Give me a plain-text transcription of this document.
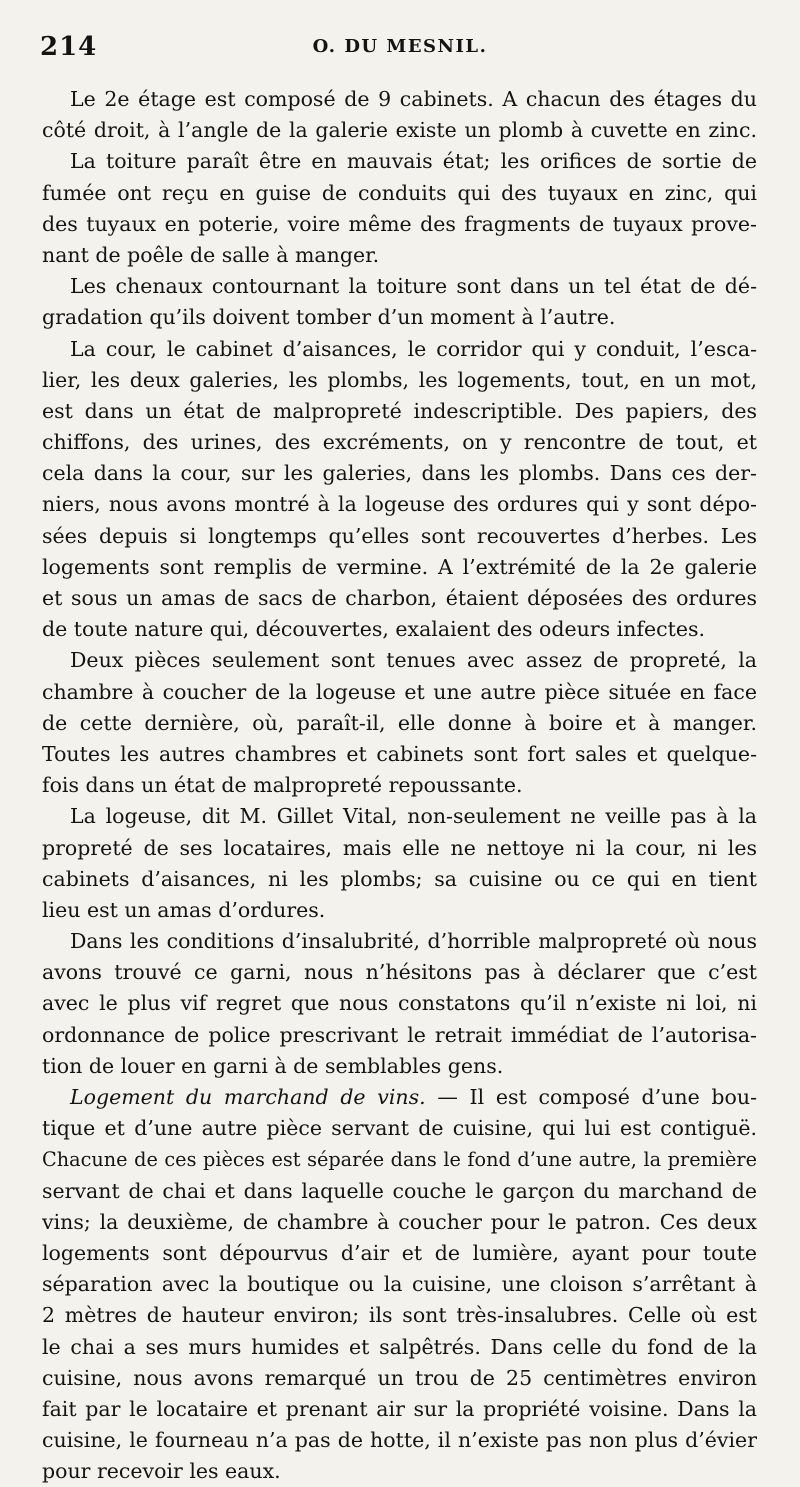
214	O. DU MESNIL.
Le 2e étage est composé de 9 cabinets. A chacun des étages du
côté droit, à l’angle de la galerie existe un plomb à cuvette en zinc.
La toiture paraît être en mauvais état; les orifices de sortie de
fumée ont reçu en guise de conduits qui des tuyaux en zinc, qui
des tuyaux en poterie, voire même des fragments de tuyaux prove-
nant de poêle de salle à manger.
Les chenaux contournant la toiture sont dans un tel état de dé-
gradation qu’ils doivent tomber d’un moment à l’autre.
La cour, le cabinet d’aisances, le corridor qui y conduit, l’esca-
lier, les deux galeries, les plombs, les logements, tout, en un mot,
est dans un état de malpropreté indescriptible. Des papiers, des
chiffons, des urines, des excréments, on y rencontre de tout, et
cela dans la cour, sur les galeries, dans les plombs. Dans ces der-
niers, nous avons montré à la logeuse des ordures qui y sont dépo-
sées depuis si longtemps qu’elles sont recouvertes d’herbes. Les
logements sont remplis de vermine. A l’extrémité de la 2e galerie
et sous un amas de sacs de charbon, étaient déposées des ordures
de toute nature qui, découvertes, exalaient des odeurs infectes.
Deux pièces seulement sont tenues avec assez de propreté, la
chambre à coucher de la logeuse et une autre pièce située en face
de cette dernière, où, paraît-il, elle donne à boire et à manger.
Toutes les autres chambres et cabinets sont fort sales et quelque-
fois dans un état de malpropreté repoussante.
La logeuse, dit M. Gillet Vital, non-seulement ne veille pas à la
propreté de ses locataires, mais elle ne nettoye ni la cour, ni les
cabinets d’aisances, ni les plombs; sa cuisine ou ce qui en tient
lieu est un amas d’ordures.
Dans les conditions d’insalubrité, d’horrible malpropreté où nous
avons trouvé ce garni, nous n’hésitons pas à déclarer que c’est
avec le plus vif regret que nous constatons qu’il n’existe ni loi, ni
ordonnance de police prescrivant le retrait immédiat de l’autorisa-
tion de louer en garni à de semblables gens.
Logement du marchand de vins. — Il est composé d’une bou-
tique et d’une autre pièce servant de cuisine, qui lui est contiguë.
Chacune de ces pièces est séparée dans le fond d’une autre, la première
servant de chai et dans laquelle couche le garçon du marchand de
vins; la deuxième, de chambre à coucher pour le patron. Ces deux
logements sont dépourvus d’air et de lumière, ayant pour toute
séparation avec la boutique ou la cuisine, une cloison s’arrêtant à
2 mètres de hauteur environ; ils sont très-insalubres. Celle où est
le chai a ses murs humides et salpêtrés. Dans celle du fond de la
cuisine, nous avons remarqué un trou de 25 centimètres environ
fait par le locataire et prenant air sur la propriété voisine. Dans la
cuisine, le fourneau n’a pas de hotte, il n’existe pas non plus d’évier
pour recevoir les eaux.
